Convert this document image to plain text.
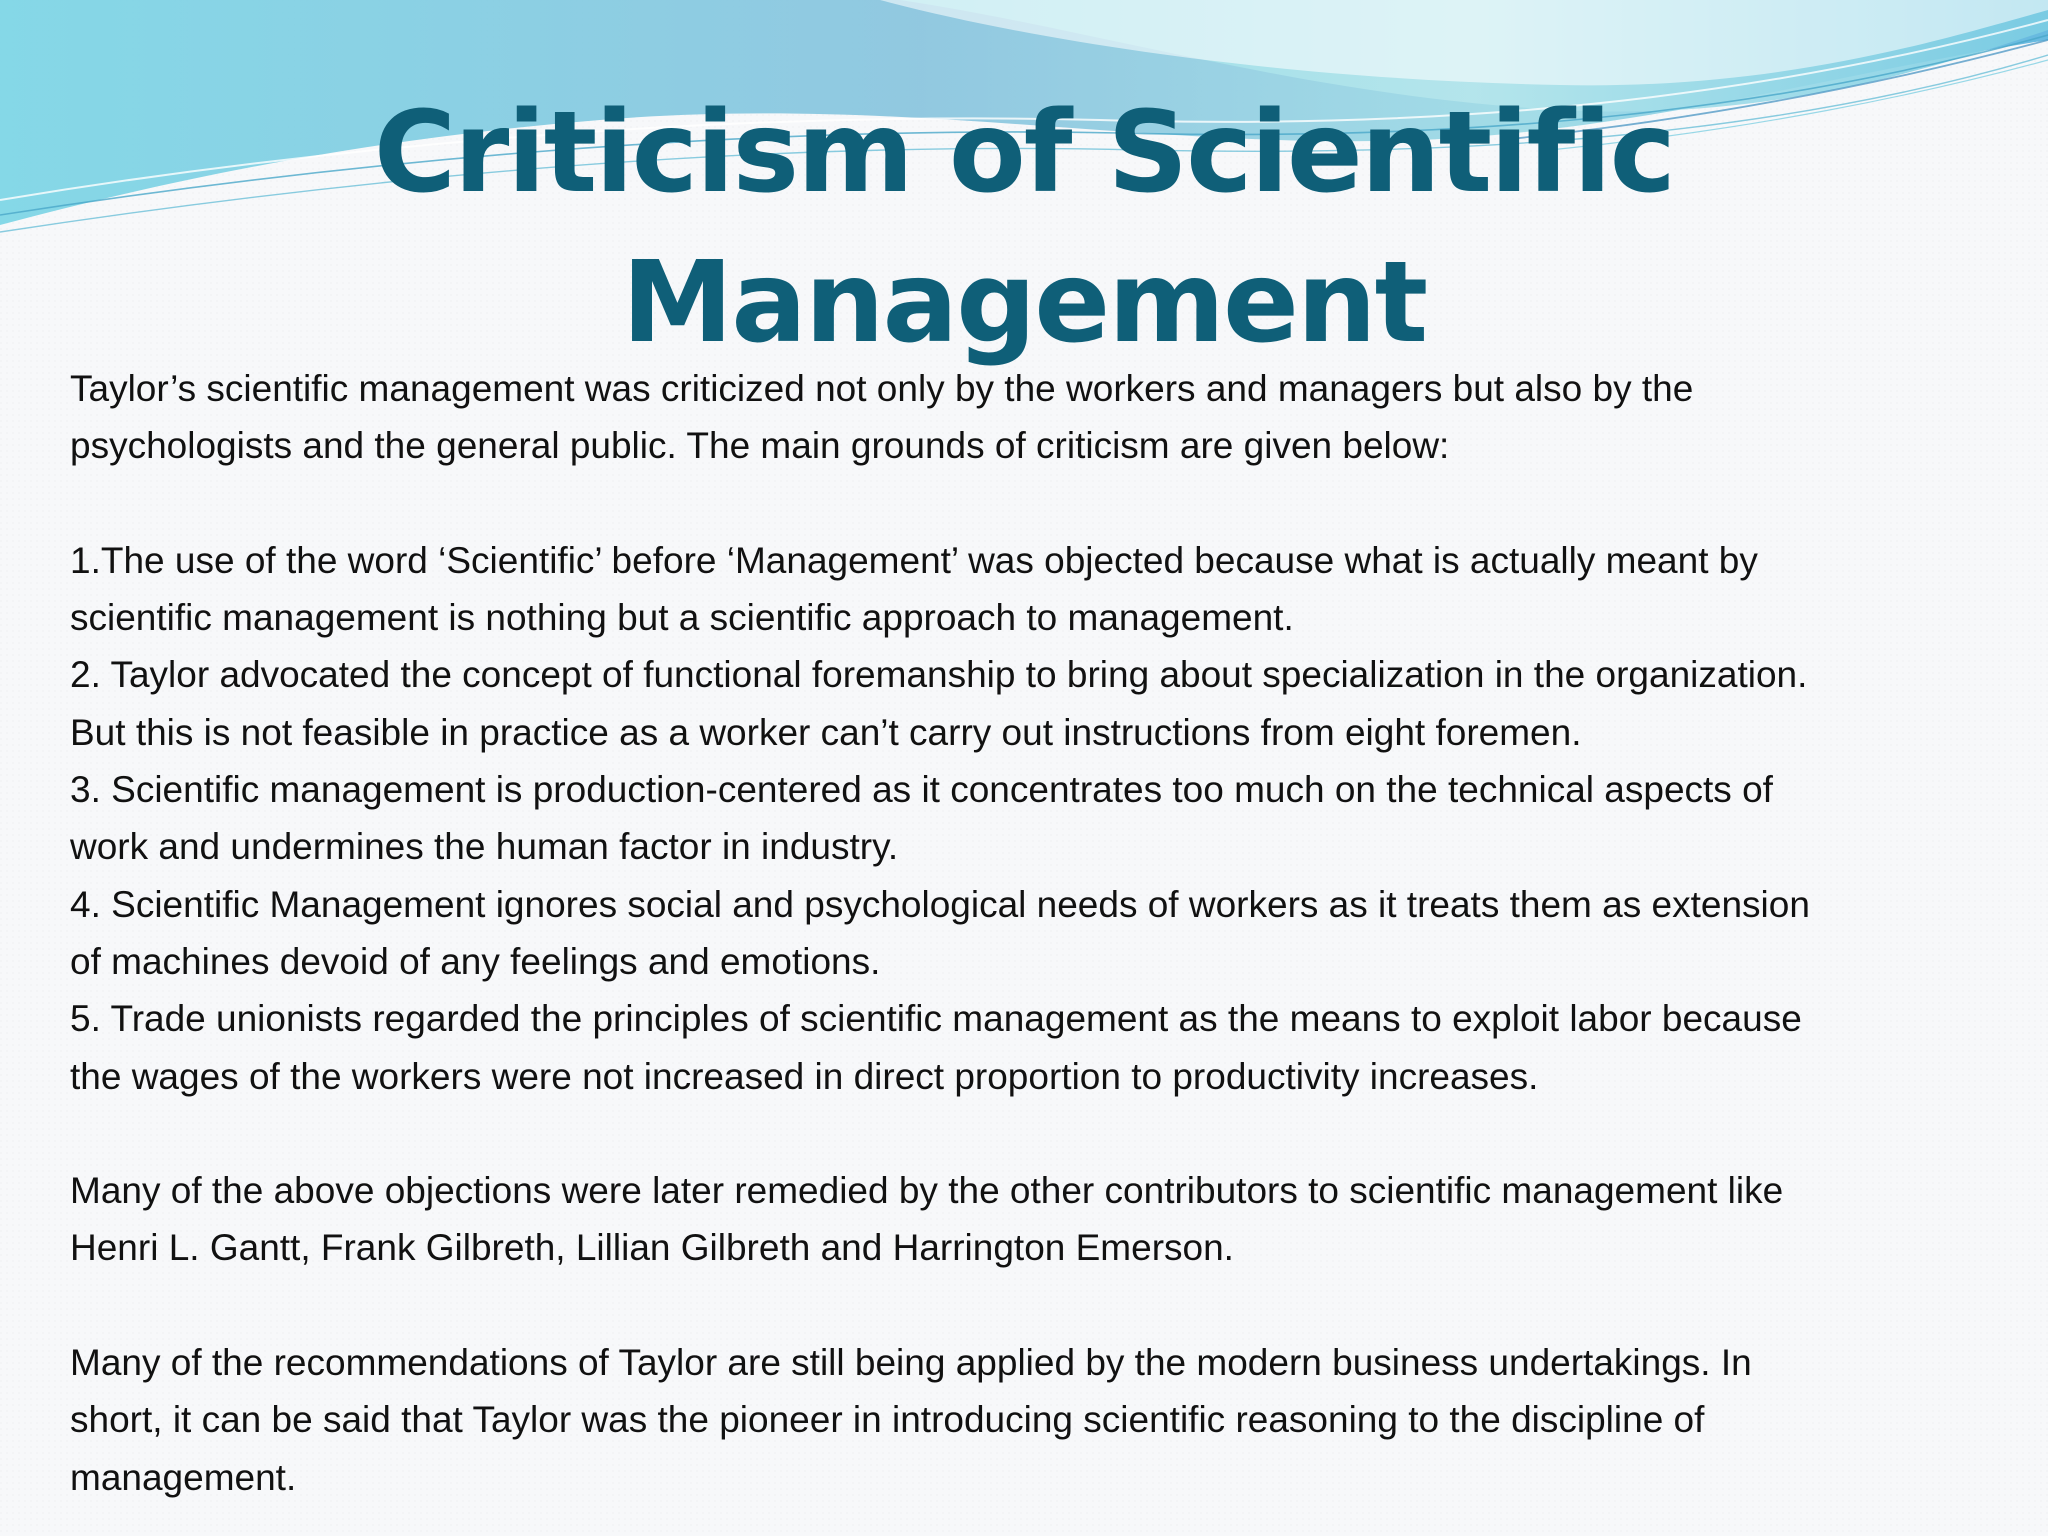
Criticism of Scientific
Management

Taylor’s scientific management was criticized not only by the workers and managers but also by the

psychologists and the general public. The main grounds of criticism are given below:

1.The use of the word ‘Scientific’ before ‘Management’ was objected because what is actually meant by

scientific management is nothing but a scientific approach to management.

2. Taylor advocated the concept of functional foremanship to bring about specialization in the organization.

But this is not feasible in practice as a worker can’t carry out instructions from eight foremen.

3. Scientific management is production-centered as it concentrates too much on the technical aspects of

work and undermines the human factor in industry.

4. Scientific Management ignores social and psychological needs of workers as it treats them as extension

of machines devoid of any feelings and emotions.

5. Trade unionists regarded the principles of scientific management as the means to exploit labor because

the wages of the workers were not increased in direct proportion to productivity increases.

Many of the above objections were later remedied by the other contributors to scientific management like

Henri L. Gantt, Frank Gilbreth, Lillian Gilbreth and Harrington Emerson.

Many of the recommendations of Taylor are still being applied by the modern business undertakings. In

short, it can be said that Taylor was the pioneer in introducing scientific reasoning to the discipline of

management.
